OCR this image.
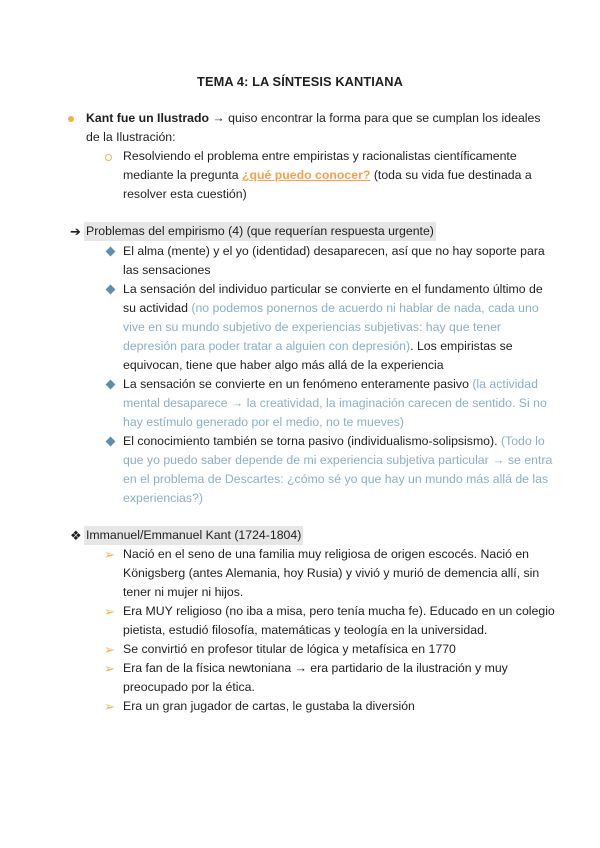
TEMA 4: LA SÍNTESIS KANTIANA
Kant fue un Ilustrado → quiso encontrar la forma para que se cumplan los ideales
de la Ilustración:
Resolviendo el problema entre empiristas y racionalistas científicamente
mediante la pregunta ¿qué puedo conocer? (toda su vida fue destinada a
resolver esta cuestión)
➔ Problemas del empirismo (4) (que requerían respuesta urgente)
El alma (mente) y el yo (identidad) desaparecen, así que no hay soporte para
las sensaciones
La sensación del individuo particular se convierte en el fundamento último de
su actividad (no podemos ponernos de acuerdo ni hablar de nada, cada uno
vive en su mundo subjetivo de experiencias subjetivas: hay que tener
depresión para poder tratar a alguien con depresión). Los empiristas se
equivocan, tiene que haber algo más allá de la experiencia
La sensación se convierte en un fenómeno enteramente pasivo (la actividad
mental desaparece → la creatividad, la imaginación carecen de sentido. Si no
hay estímulo generado por el medio, no te mueves)
El conocimiento también se torna pasivo (individualismo-solipsismo). (Todo lo
que yo puedo saber depende de mi experiencia subjetiva particular → se entra
en el problema de Descartes: ¿cómo sé yo que hay un mundo más allá de las
experiencias?)
❖ Immanuel/Emmanuel Kant (1724-1804)
➢ Nació en el seno de una familia muy religiosa de origen escocés. Nació en
Königsberg (antes Alemania, hoy Rusia) y vivió y murió de demencia allí, sin
tener ni mujer ni hijos.
➢ Era MUY religioso (no iba a misa, pero tenía mucha fe). Educado en un colegio
pietista, estudió filosofía, matemáticas y teología en la universidad.
➢ Se convirtió en profesor titular de lógica y metafísica en 1770
➢ Era fan de la física newtoniana → era partidario de la ilustración y muy
preocupado por la ética.
➢ Era un gran jugador de cartas, le gustaba la diversión
